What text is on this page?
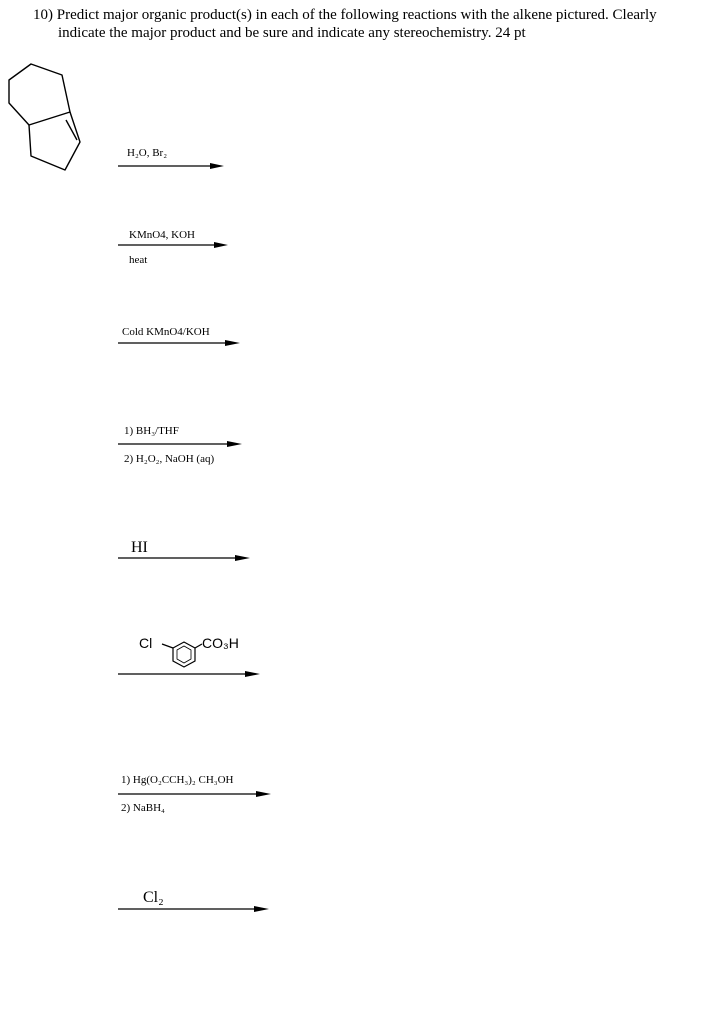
10) Predict major organic product(s) in each of the following reactions with the alkene pictured. Clearly
indicate the major product and be sure and indicate any stereochemistry. 24 pt
H₂O, Br₂
KMnO4, KOH
heat
Cold KMnO4/KOH
1) BH₃/THF
2) H₂O₂, NaOH (aq)
HI
Cl	CO₃H
1) Hg(O₂CCH₃)₂ CH₃OH
2) NaBH₄
Cl₂
